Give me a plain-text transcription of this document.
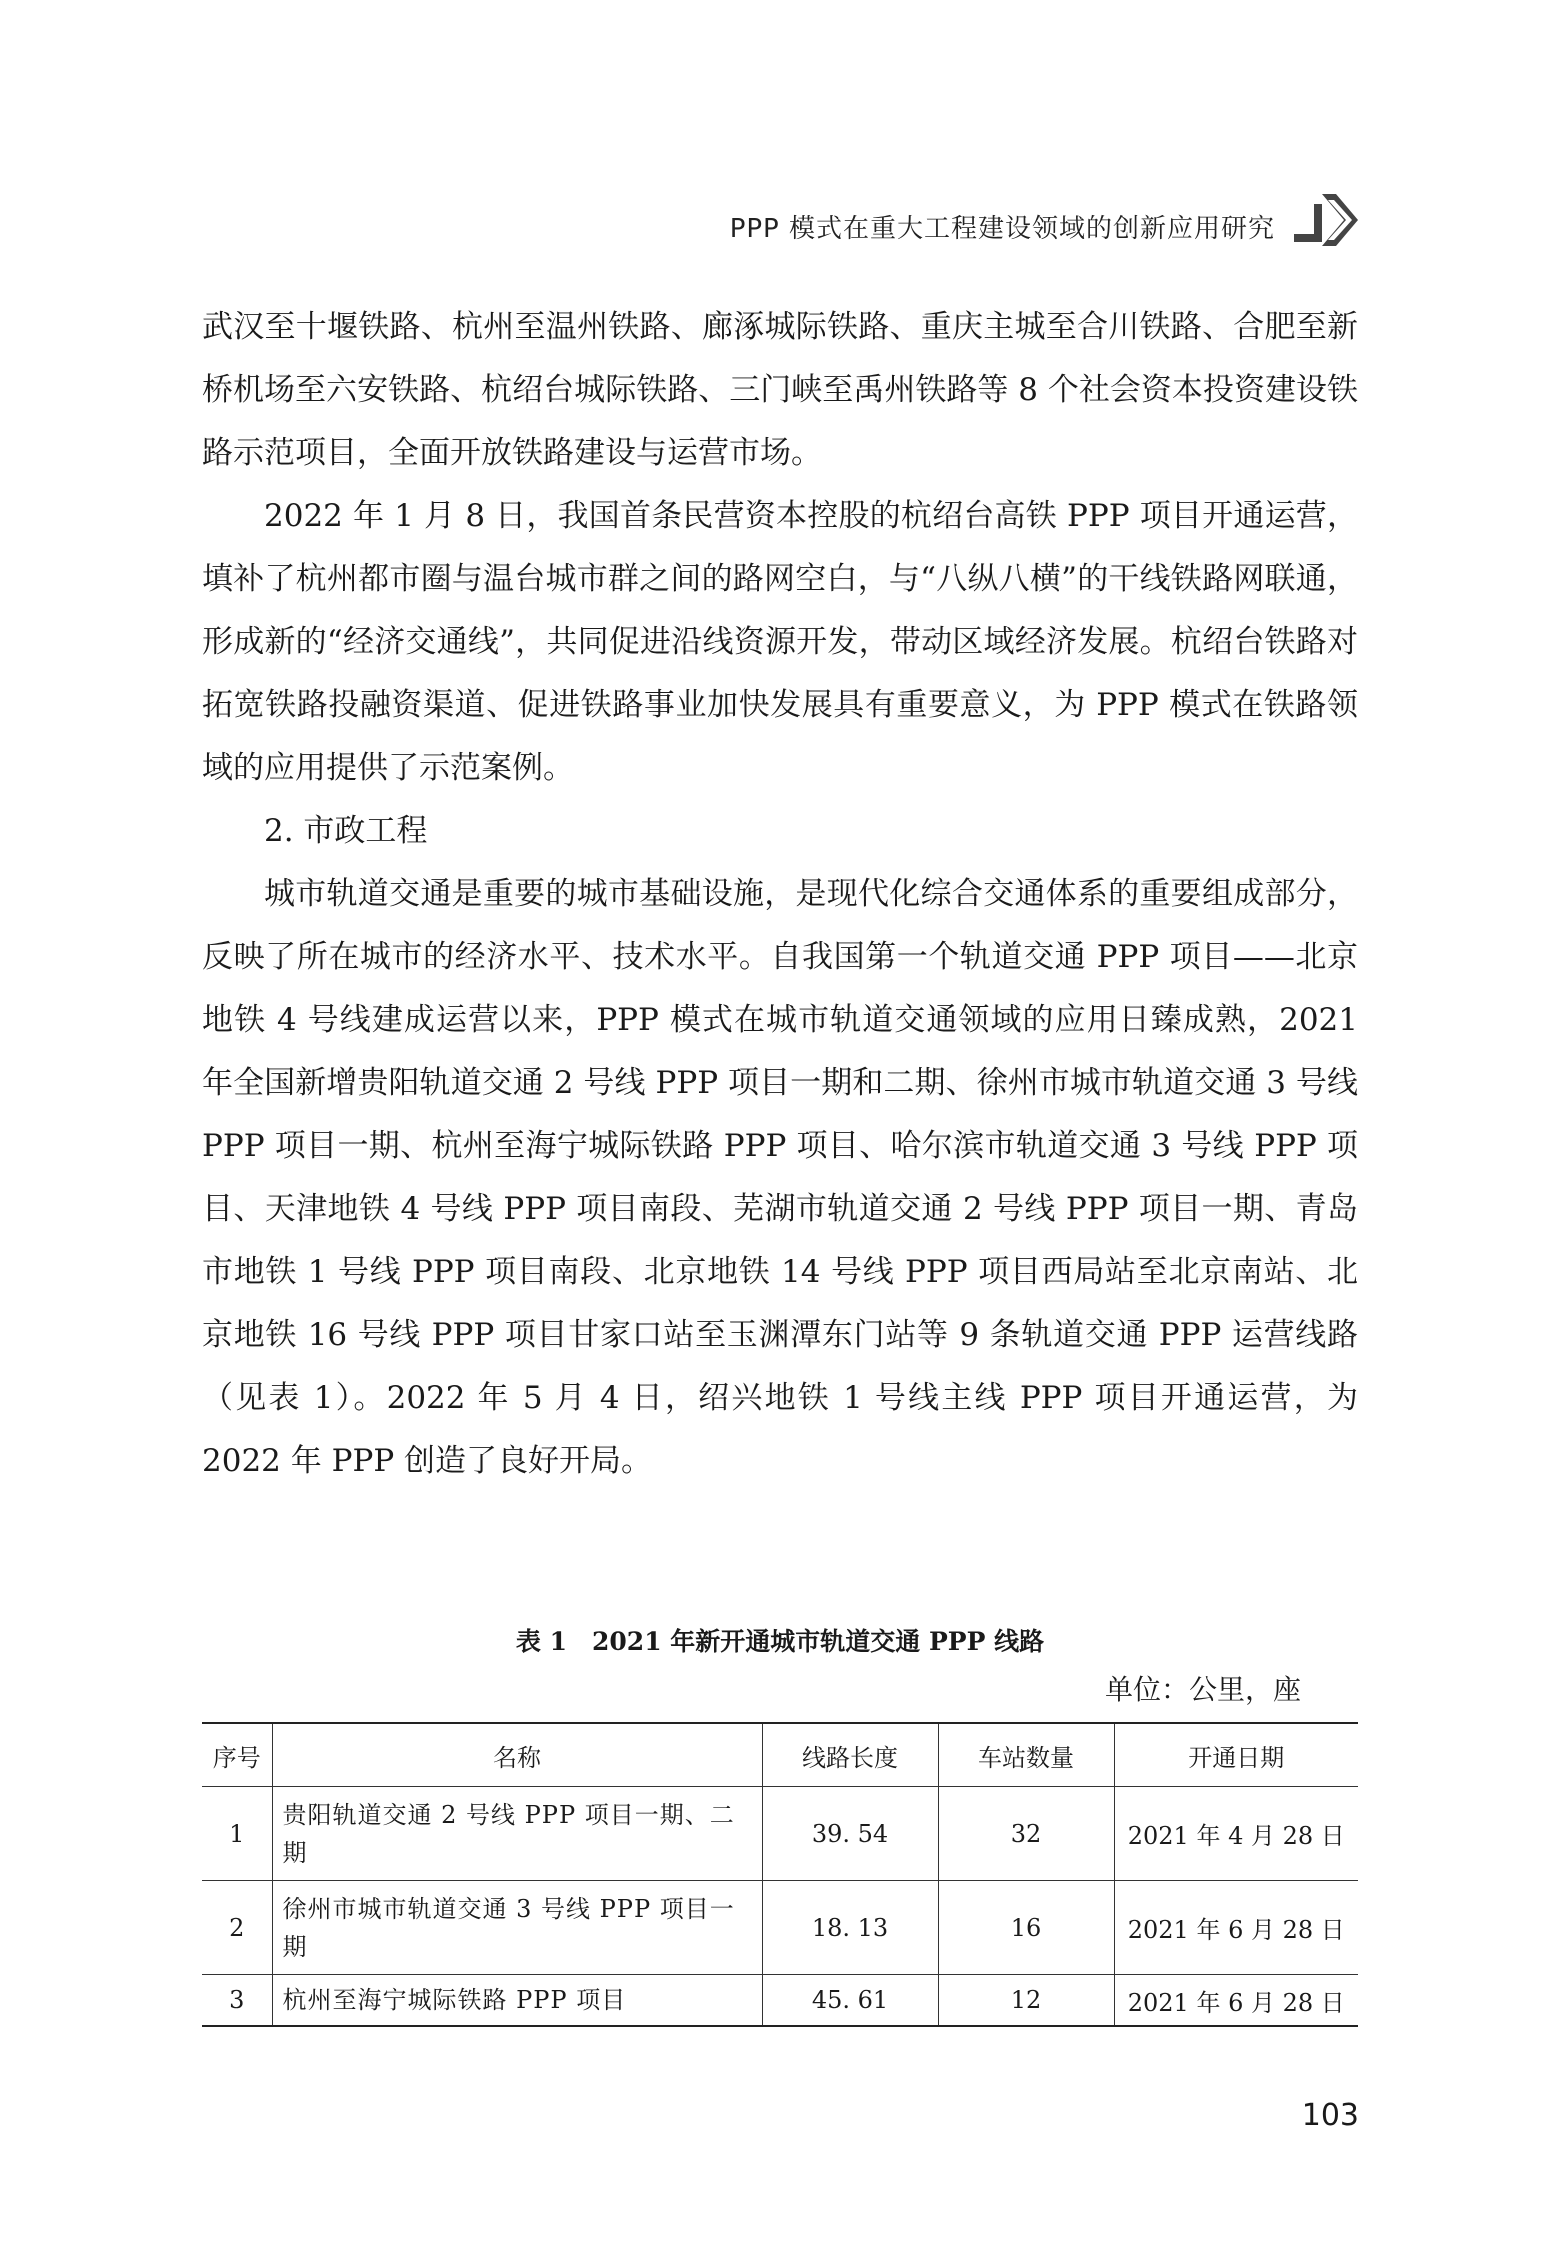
PPP 模式在重大工程建设领域的创新应用研究

武汉至十堰铁路、杭州至温州铁路、廊涿城际铁路、重庆主城至合川铁路、合肥至新桥机场至六安铁路、杭绍台城际铁路、三门峡至禹州铁路等 8 个社会资本投资建设铁路示范项目，全面开放铁路建设与运营市场。

2022 年 1 月 8 日，我国首条民营资本控股的杭绍台高铁 PPP 项目开通运营，填补了杭州都市圈与温台城市群之间的路网空白，与“八纵八横”的干线铁路网联通，形成新的“经济交通线”，共同促进沿线资源开发，带动区域经济发展。杭绍台铁路对拓宽铁路投融资渠道、促进铁路事业加快发展具有重要意义，为 PPP 模式在铁路领域的应用提供了示范案例。

2. 市政工程

城市轨道交通是重要的城市基础设施，是现代化综合交通体系的重要组成部分，反映了所在城市的经济水平、技术水平。自我国第一个轨道交通 PPP 项目——北京地铁 4 号线建成运营以来，PPP 模式在城市轨道交通领域的应用日臻成熟，2021 年全国新增贵阳轨道交通 2 号线 PPP 项目一期和二期、徐州市城市轨道交通 3 号线 PPP 项目一期、杭州至海宁城际铁路 PPP 项目、哈尔滨市轨道交通 3 号线 PPP 项目、天津地铁 4 号线 PPP 项目南段、芜湖市轨道交通 2 号线 PPP 项目一期、青岛市地铁 1 号线 PPP 项目南段、北京地铁 14 号线 PPP 项目西局站至北京南站、北京地铁 16 号线 PPP 项目甘家口站至玉渊潭东门站等 9 条轨道交通 PPP 运营线路（见表 1）。2022 年 5 月 4 日，绍兴地铁 1 号线主线 PPP 项目开通运营，为 2022 年 PPP 创造了良好开局。

表 1　2021 年新开通城市轨道交通 PPP 线路
单位：公里，座
序号	名称	线路长度	车站数量	开通日期
1	贵阳轨道交通 2 号线 PPP 项目一期、二期	39. 54	32	2021 年 4 月 28 日
2	徐州市城市轨道交通 3 号线 PPP 项目一期	18. 13	16	2021 年 6 月 28 日
3	杭州至海宁城际铁路 PPP 项目	45. 61	12	2021 年 6 月 28 日
103
